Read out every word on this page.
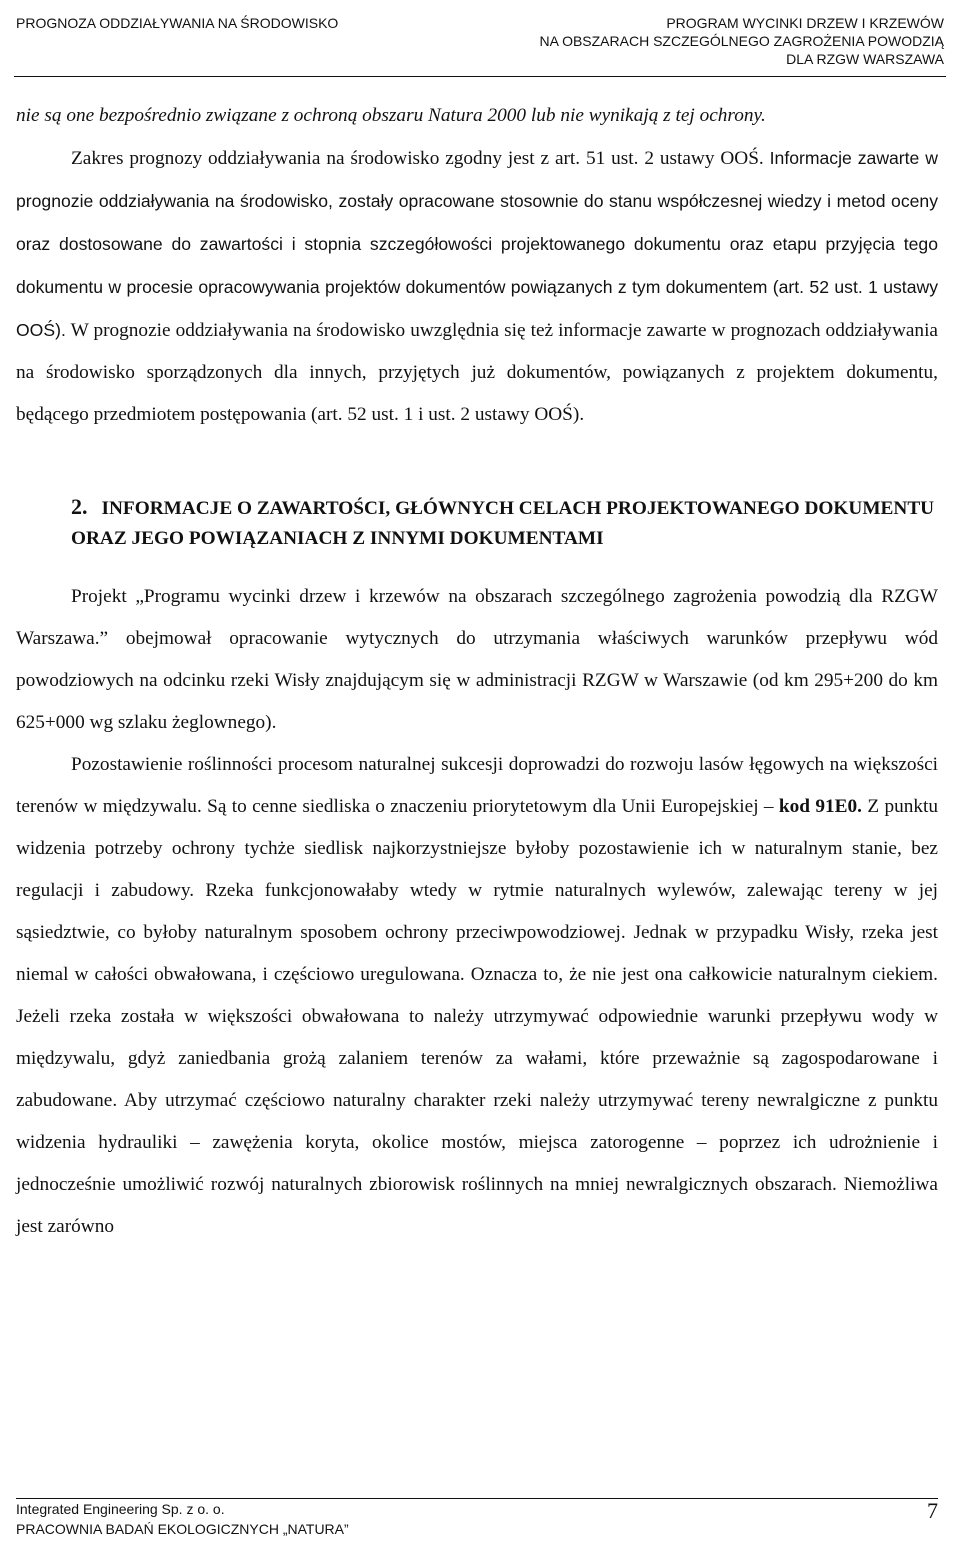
PROGNOZA ODDZIAŁYWANIA NA ŚRODOWISKO	PROGRAM WYCINKI DRZEW I KRZEWÓW
NA OBSZARACH SZCZEGÓLNEGO ZAGROŻENIA POWODZIĄ
DLA RZGW WARSZAWA

nie są one bezpośrednio związane z ochroną obszaru Natura 2000 lub nie wynikają z tej ochrony.

Zakres prognozy oddziaływania na środowisko zgodny jest z art. 51 ust. 2 ustawy OOŚ. Informacje zawarte w prognozie oddziaływania na środowisko, zostały opracowane stosownie do stanu współczesnej wiedzy i metod oceny oraz dostosowane do zawartości i stopnia szczegółowości projektowanego dokumentu oraz etapu przyjęcia tego dokumentu w procesie opracowywania projektów dokumentów powiązanych z tym dokumentem (art. 52 ust. 1 ustawy OOŚ). W prognozie oddziaływania na środowisko uwzględnia się też informacje zawarte w prognozach oddziaływania na środowisko sporządzonych dla innych, przyjętych już dokumentów, powiązanych z projektem dokumentu, będącego przedmiotem postępowania (art. 52 ust. 1 i ust. 2 ustawy OOŚ).

2. INFORMACJE O ZAWARTOŚCI, GŁÓWNYCH CELACH PROJEKTOWANEGO DOKUMENTU ORAZ JEGO POWIĄZANIACH Z INNYMI DOKUMENTAMI

Projekt „Programu wycinki drzew i krzewów na obszarach szczególnego zagrożenia powodzią dla RZGW Warszawa.” obejmował opracowanie wytycznych do utrzymania właściwych warunków przepływu wód powodziowych na odcinku rzeki Wisły znajdującym się w administracji RZGW w Warszawie (od km 295+200 do km 625+000 wg szlaku żeglownego).

Pozostawienie roślinności procesom naturalnej sukcesji doprowadzi do rozwoju lasów łęgowych na większości terenów w międzywalu. Są to cenne siedliska o znaczeniu priorytetowym dla Unii Europejskiej – kod 91E0. Z punktu widzenia potrzeby ochrony tychże siedlisk najkorzystniejsze byłoby pozostawienie ich w naturalnym stanie, bez regulacji i zabudowy. Rzeka funkcjonowałaby wtedy w rytmie naturalnych wylewów, zalewając tereny w jej sąsiedztwie, co byłoby naturalnym sposobem ochrony przeciwpowodziowej. Jednak w przypadku Wisły, rzeka jest niemal w całości obwałowana, i częściowo uregulowana. Oznacza to, że nie jest ona całkowicie naturalnym ciekiem. Jeżeli rzeka została w większości obwałowana to należy utrzymywać odpowiednie warunki przepływu wody w międzywalu, gdyż zaniedbania grożą zalaniem terenów za wałami, które przeważnie są zagospodarowane i zabudowane. Aby utrzymać częściowo naturalny charakter rzeki należy utrzymywać tereny newralgiczne z punktu widzenia hydrauliki – zawężenia koryta, okolice mostów, miejsca zatorogenne – poprzez ich udrożnienie i jednocześnie umożliwić rozwój naturalnych zbiorowisk roślinnych na mniej newralgicznych obszarach. Niemożliwa jest zarówno

Integrated Engineering Sp. z o. o.
PRACOWNIA BADAŃ EKOLOGICZNYCH „NATURA”
7
